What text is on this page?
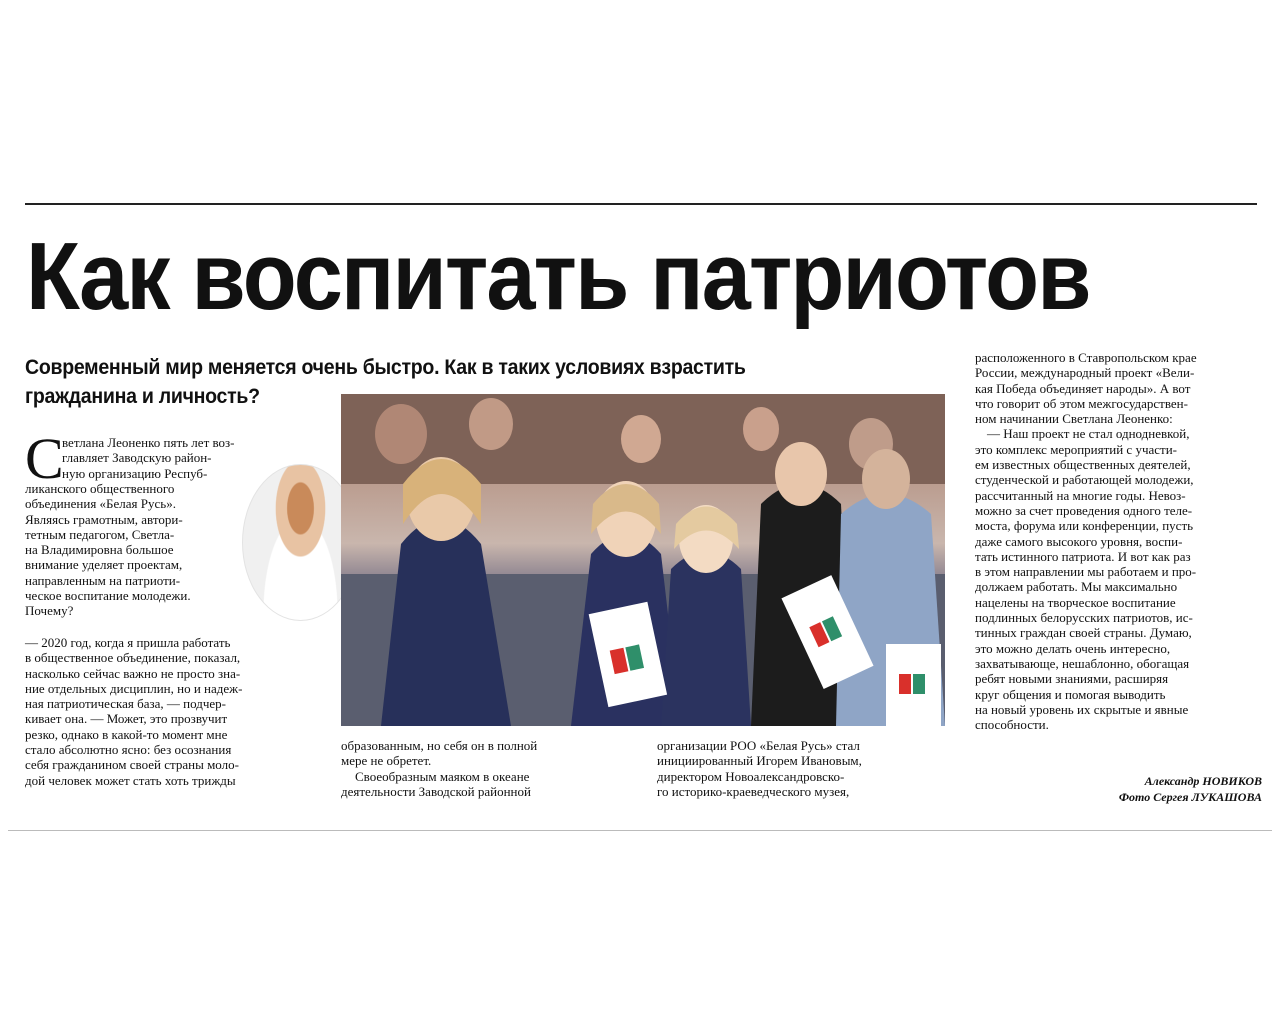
Как воспитать патриотов
Современный мир меняется очень быстро. Как в таких условиях взрастить
гражданина и личность?
С
ветлана Леоненко пять лет воз-
главляет Заводскую район-
ную организацию Респуб-
ликанского общественного
объединения «Белая Русь».
Являясь грамотным, автори-
тетным педагогом, Светла-
на Владимировна большое
внимание уделяет проектам,
направленным на патриоти-
ческое воспитание молодежи.
Почему?
— 2020 год, когда я пришла работать
в общественное объединение, показал,
насколько сейчас важно не просто зна-
ние отдельных дисциплин, но и надеж-
ная патриотическая база, — подчер-
кивает она. — Может, это прозвучит
резко, однако в какой-то момент мне
стало абсолютно ясно: без осознания
себя гражданином своей страны моло-
дой человек может стать хоть трижды
образованным, но себя он в полной
мере не обретет.
Своеобразным маяком в океане
деятельности Заводской районной
организации РОО «Белая Русь» стал
инициированный Игорем Ивановым,
директором Новоалександровско-
го историко-краеведческого музея,
расположенного в Ставропольском крае
России, международный проект «Вели-
кая Победа объединяет народы». А вот
что говорит об этом межгосударствен-
ном начинании Светлана Леоненко:
— Наш проект не стал однодневкой,
это комплекс мероприятий с участи-
ем известных общественных деятелей,
студенческой и работающей молодежи,
рассчитанный на многие годы. Невоз-
можно за счет проведения одного теле-
моста, форума или конференции, пусть
даже самого высокого уровня, воспи-
тать истинного патриота. И вот как раз
в этом направлении мы работаем и про-
должаем работать. Мы максимально
нацелены на творческое воспитание
подлинных белорусских патриотов, ис-
тинных граждан своей страны. Думаю,
это можно делать очень интересно,
захватывающе, нешаблонно, обогащая
ребят новыми знаниями, расширяя
круг общения и помогая выводить
на новый уровень их скрытые и явные
способности.
Александр НОВИКОВ
Фото Сергея ЛУКАШОВА
